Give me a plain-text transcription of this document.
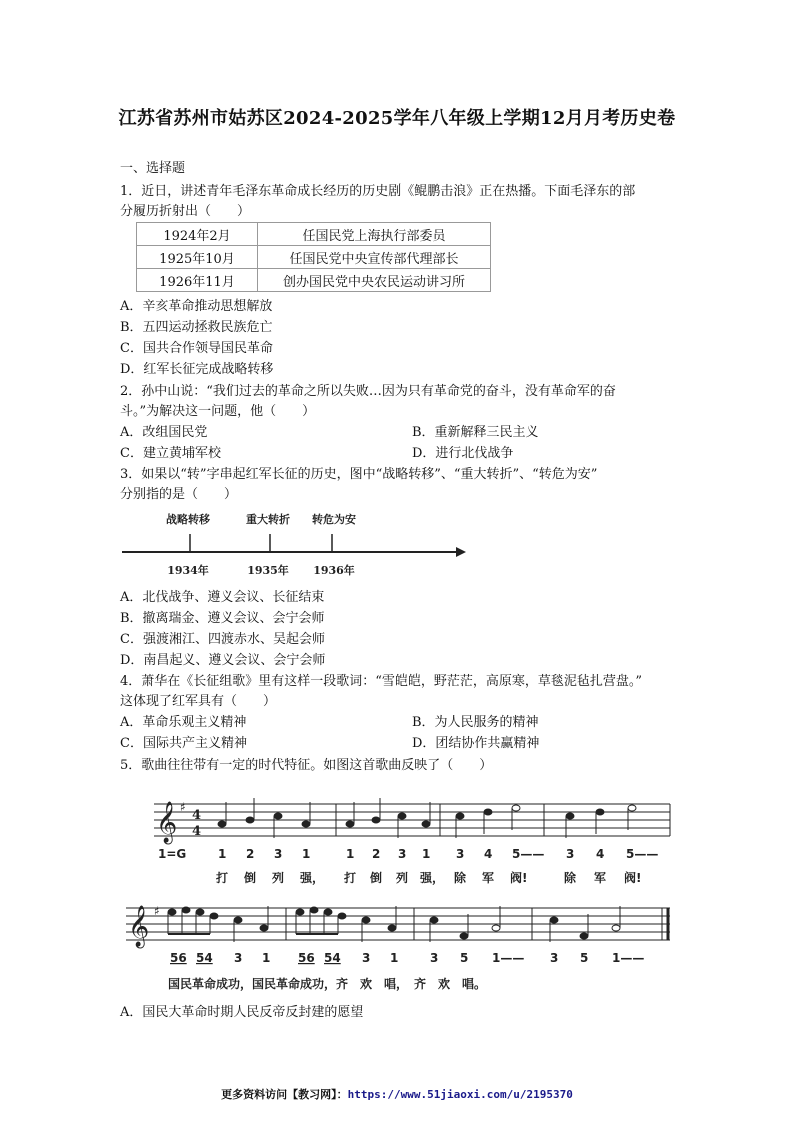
江苏省苏州市姑苏区2024-2025学年八年级上学期12月月考历史卷
一、选择题
1．近日，讲述青年毛泽东革命成长经历的历史剧《鲲鹏击浪》正在热播。下面毛泽东的部
分履历折射出（　　）
1924年2月	任国民党上海执行部委员
1925年10月	任国民党中央宣传部代理部长
1926年11月	创办国民党中央农民运动讲习所
A．辛亥革命推动思想解放
B．五四运动拯救民族危亡
C．国共合作领导国民革命
D．红军长征完成战略转移
2．孙中山说：“我们过去的革命之所以失败…因为只有革命党的奋斗，没有革命军的奋
斗。”为解决这一问题，他（　　）
A．改组国民党	B．重新解释三民主义
C．建立黄埔军校	D．进行北伐战争
3．如果以“转”字串起红军长征的历史，图中“战略转移”、“重大转折”、“转危为安”
分别指的是（　　）
战略转移	重大转折 转危为安
1934年	1935年 1936年
A．北伐战争、遵义会议、长征结束
B．撤离瑞金、遵义会议、会宁会师
C．强渡湘江、四渡赤水、吴起会师
D．南昌起义、遵义会议、会宁会师
4．萧华在《长征组歌》里有这样一段歌词：“雪皑皑，野茫茫，高原寒，草毯泥毡扎营盘。”
这体现了红军具有（　　）
A．革命乐观主义精神	B．为人民服务的精神
C．国际共产主义精神	D．团结协作共赢精神
5．歌曲往往带有一定的时代特征。如图这首歌曲反映了（　　）
𝄞 ♯
4
4
1=G	1 2 3 1	1 2 3 1 3 4 5—— 3 4 5——
打 倒 列 强， 打 倒 列 强， 除 军 阀!	除 军 阀!
𝄞 ♯
56 54 3 1 56 54 3 1	3 5 1—— 3 5 1——
国民革命成功，国民革命成功，齐　欢　唱，　齐　欢　唱。
A．国民大革命时期人民反帝反封建的愿望
更多资料访问【教习网】：https://www.51jiaoxi.com/u/2195370
